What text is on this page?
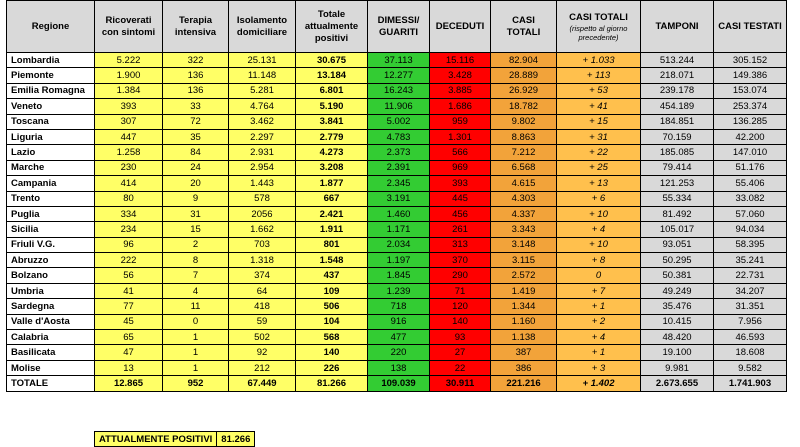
Regione	Ricoverati con sintomi	Terapia intensiva	Isolamento domiciliare	Totale attualmente positivi	DIMESSI/ GUARITI	DECEDUTI	CASI TOTALI	CASI TOTALI
(rispetto al giorno precedente)	TAMPONI	CASI TESTATI
Lombardia	5.222	322	25.131	30.675	37.113	15.116	82.904	+ 1.033	513.244	305.152
Piemonte	1.900	136	11.148	13.184	12.277	3.428	28.889	+ 113	218.071	149.386
Emilia Romagna	1.384	136	5.281	6.801	16.243	3.885	26.929	+ 53	239.178	153.074
Veneto	393	33	4.764	5.190	11.906	1.686	18.782	+ 41	454.189	253.374
Toscana	307	72	3.462	3.841	5.002	959	9.802	+ 15	184.851	136.285
Liguria	447	35	2.297	2.779	4.783	1.301	8.863	+ 31	70.159	42.200
Lazio	1.258	84	2.931	4.273	2.373	566	7.212	+ 22	185.085	147.010
Marche	230	24	2.954	3.208	2.391	969	6.568	+ 25	79.414	51.176
Campania	414	20	1.443	1.877	2.345	393	4.615	+ 13	121.253	55.406
Trento	80	9	578	667	3.191	445	4.303	+ 6	55.334	33.082
Puglia	334	31	2056	2.421	1.460	456	4.337	+ 10	81.492	57.060
Sicilia	234	15	1.662	1.911	1.171	261	3.343	+ 4	105.017	94.034
Friuli V.G.	96	2	703	801	2.034	313	3.148	+ 10	93.051	58.395
Abruzzo	222	8	1.318	1.548	1.197	370	3.115	+ 8	50.295	35.241
Bolzano	56	7	374	437	1.845	290	2.572	0	50.381	22.731
Umbria	41	4	64	109	1.239	71	1.419	+ 7	49.249	34.207
Sardegna	77	11	418	506	718	120	1.344	+ 1	35.476	31.351
Valle d'Aosta	45	0	59	104	916	140	1.160	+ 2	10.415	7.956
Calabria	65	1	502	568	477	93	1.138	+ 4	48.420	46.593
Basilicata	47	1	92	140	220	27	387	+ 1	19.100	18.608
Molise	13	1	212	226	138	22	386	+ 3	9.981	9.582
TOTALE	12.865	952	67.449	81.266	109.039	30.911	221.216	+ 1.402	2.673.655	1.741.903
ATTUALMENTE POSITIVI	81.266
